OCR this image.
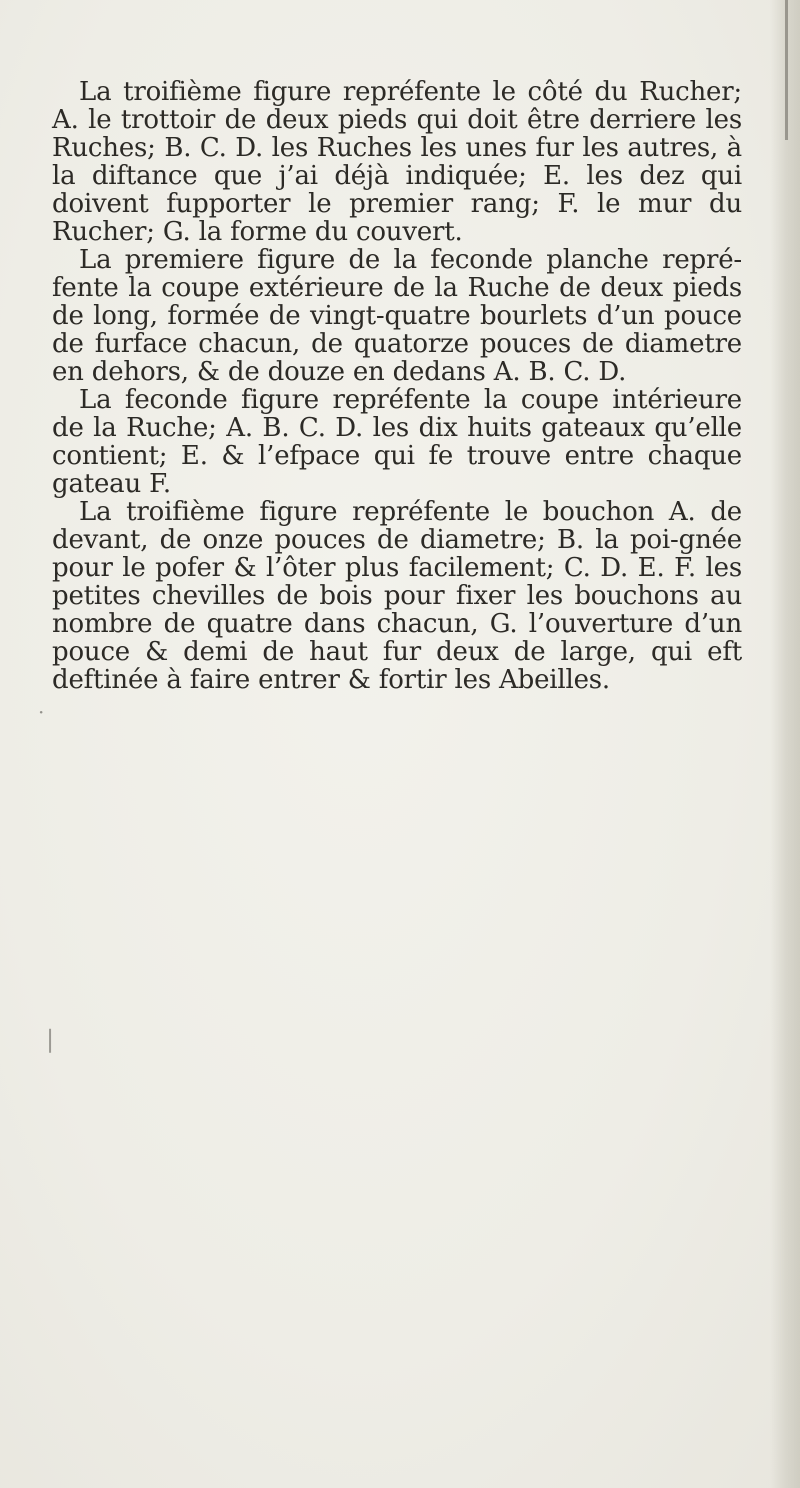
La troifième figure repréfente le côté du Rucher; A. le trottoir de deux pieds qui doit être derriere les Ruches; B. C. D. les Ruches les unes fur les autres, à la diftance que j’ai déjà indiquée; E. les dez qui doivent fupporter le premier rang; F. le mur du Rucher; G. la forme du couvert.

La premiere figure de la feconde planche repré-fente la coupe extérieure de la Ruche de deux pieds de long, formée de vingt-quatre bourlets d’un pouce de furface chacun, de quatorze pouces de diametre en dehors, & de douze en dedans A. B. C. D.

La feconde figure repréfente la coupe intérieure de la Ruche; A. B. C. D. les dix huits gateaux qu’elle contient; E. & l’efpace qui fe trouve entre chaque gateau F.

La troifième figure repréfente le bouchon A. de devant, de onze pouces de diametre; B. la poi-gnée pour le pofer & l’ôter plus facilement; C. D. E. F. les petites chevilles de bois pour fixer les bouchons au nombre de quatre dans chacun, G. l’ouverture d’un pouce & demi de haut fur deux de large, qui eft deftinée à faire entrer & fortir les Abeilles.

·
❘
